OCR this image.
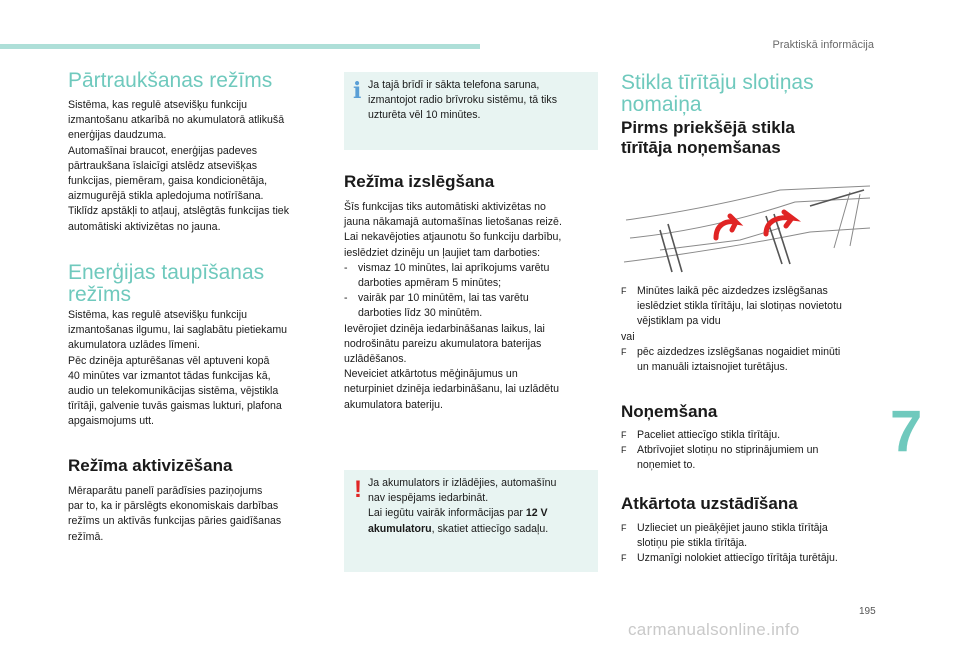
Praktiskā informācija
Pārtraukšanas režīms

Sistēma, kas regulē atsevišķu funkciju

izmantošanu atkarībā no akumulatorā atlikušā

enerģijas daudzuma.

Automašīnai braucot, enerģijas padeves

pārtraukšana īslaicīgi atslēdz atsevišķas

funkcijas, piemēram, gaisa kondicionētāja,

aizmugurējā stikla apledojuma notīrīšana.

Tiklīdz apstākļi to atļauj, atslēgtās funkcijas tiek

automātiski aktivizētas no jauna.

Enerģijas taupīšanas
režīms

Sistēma, kas regulē atsevišķu funkciju

izmantošanas ilgumu, lai saglabātu pietiekamu

akumulatora uzlādes līmeni.

Pēc dzinēja apturēšanas vēl aptuveni kopā

40 minūtes var izmantot tādas funkcijas kā,

audio un telekomunikācijas sistēma, vējstikla

tīrītāji, galvenie tuvās gaismas lukturi, plafona

apgaismojums utt.

Režīma aktivizēšana

Mēraparātu panelī parādīsies paziņojums

par to, ka ir pārslēgts ekonomiskais darbības

režīms un aktīvās funkcijas pāries gaidīšanas

režīmā.

i Ja tajā brīdī ir sākta telefona saruna,
izmantojot radio brīvroku sistēmu, tā tiks
uzturēta vēl 10 minūtes.
Režīma izslēgšana

Šīs funkcijas tiks automātiski aktivizētas no

jauna nākamajā automašīnas lietošanas reizē.

Lai nekavējoties atjaunotu šo funkciju darbību,

ieslēdziet dzinēju un ļaujiet tam darboties:

- vismaz 10 minūtes, lai aprīkojums varētu
darboties apmēram 5 minūtes;
- vairāk par 10 minūtēm, lai tas varētu
darboties līdz 30 minūtēm.

Ievērojiet dzinēja iedarbināšanas laikus, lai

nodrošinātu pareizu akumulatora baterijas

uzlādēšanos.

Neveiciet atkārtotus mēģinājumus un

neturpiniet dzinēja iedarbināšanu, lai uzlādētu

akumulatora bateriju.

! Ja akumulators ir izlādējies, automašīnu
nav iespējams iedarbināt.
Lai iegūtu vairāk informācijas par 12 V
akumulatoru, skatiet attiecīgo sadaļu.
Stikla tīrītāju slotiņas
nomaiņa
Pirms priekšējā stikla
tīrītāja noņemšanas
F Minūtes laikā pēc aizdedzes izslēgšanas
ieslēdziet stikla tīrītāju, lai slotiņas novietotu
vējstiklam pa vidu

vai

F pēc aizdedzes izslēgšanas nogaidiet minūti
un manuāli iztaisnojiet turētājus.
Noņemšana
F Paceliet attiecīgo stikla tīrītāju.
F Atbrīvojiet slotiņu no stiprinājumiem un
noņemiet to.
Atkārtota uzstādīšana
F Uzlieciet un pieāķējiet jauno stikla tīrītāja
slotiņu pie stikla tīrītāja.
F Uzmanīgi nolokiet attiecīgo tīrītāja turētāju.
7
195
carmanualsonline.info
